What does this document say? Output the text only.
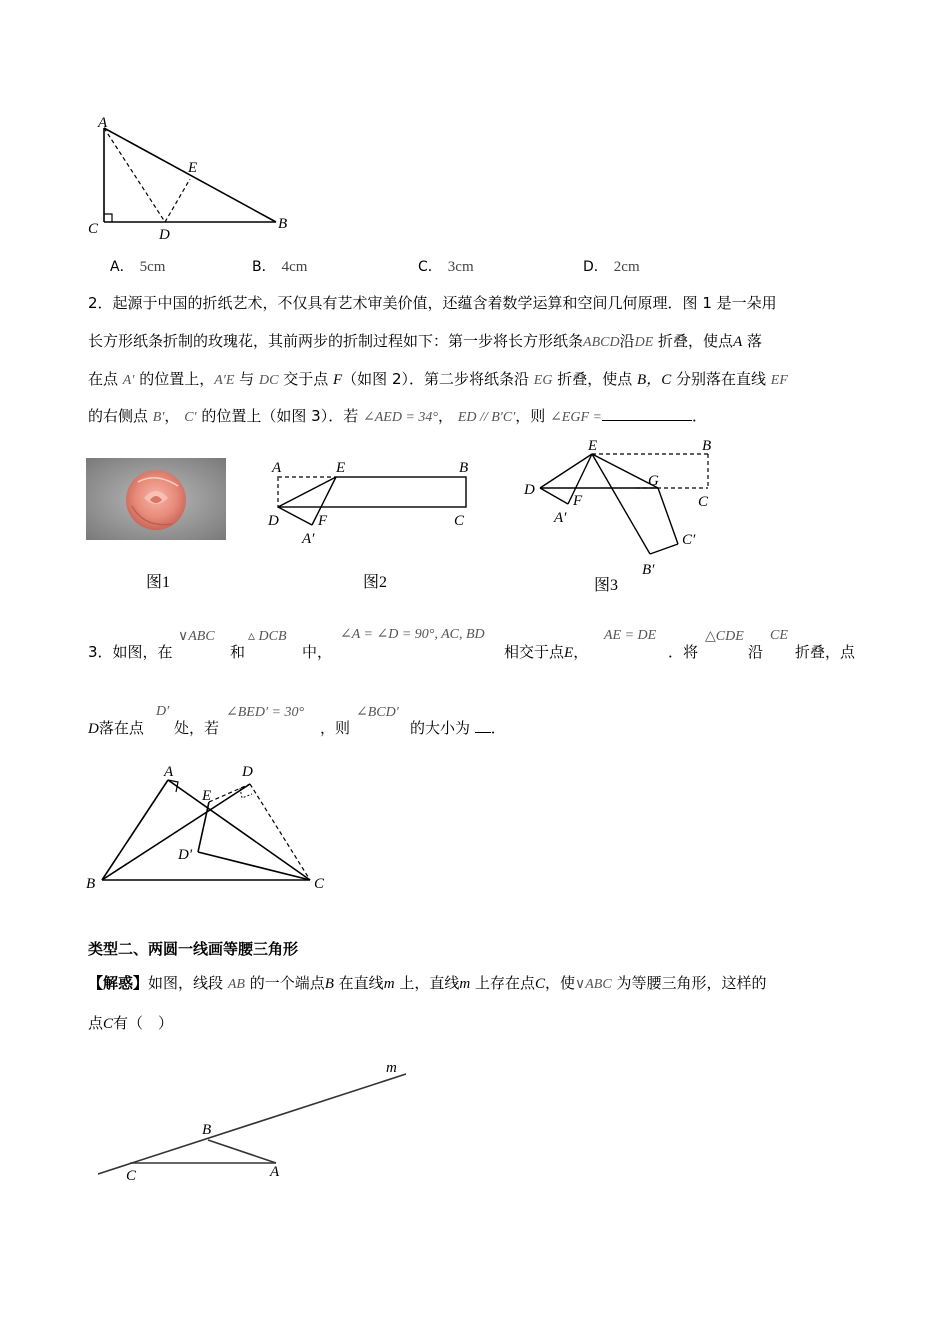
A
E
C	D
B
A． 5cm	B． 4cm	C． 3cm	D． 2cm
2．起源于中国的折纸艺术，不仅具有艺术审美价值，还蕴含着数学运算和空间几何原理．图 1 是一朵用
长方形纸条折制的玫瑰花，其前两步的折制过程如下：第一步将长方形纸条ABCD沿DE 折叠，使点A 落
在点 A′ 的位置上，A′E 与 DC 交于点 F（如图 2）．第二步将纸条沿 EG 折叠，使点 B，C 分别落在直线 EF
的右侧点 B′， C′ 的位置上（如图 3）．若 ∠AED = 34°， ED // B′C′，则 ∠EGF =	．
A	E	B
D	F	C
A′
E	B
D
G
C
F
A′
C′
B′
图1	图2	图3
3．如图，在
∨ABC
和
▵ DCB
中，
∠A = ∠D = 90°, AC, BD
相交于点E，
AE = DE
．将
△CDE
沿
CE
折叠，点
D落在点
D′
处，若
∠BED′ = 30°
，则
∠BCD′
的大小为 ．
A	D
E
D′
B	C
类型二、两圆一线画等腰三角形
【解惑】如图，线段 AB 的一个端点B 在直线m 上，直线m 上存在点C，使∨ABC 为等腰三角形，这样的
点C有（　）
m
B
C	A
